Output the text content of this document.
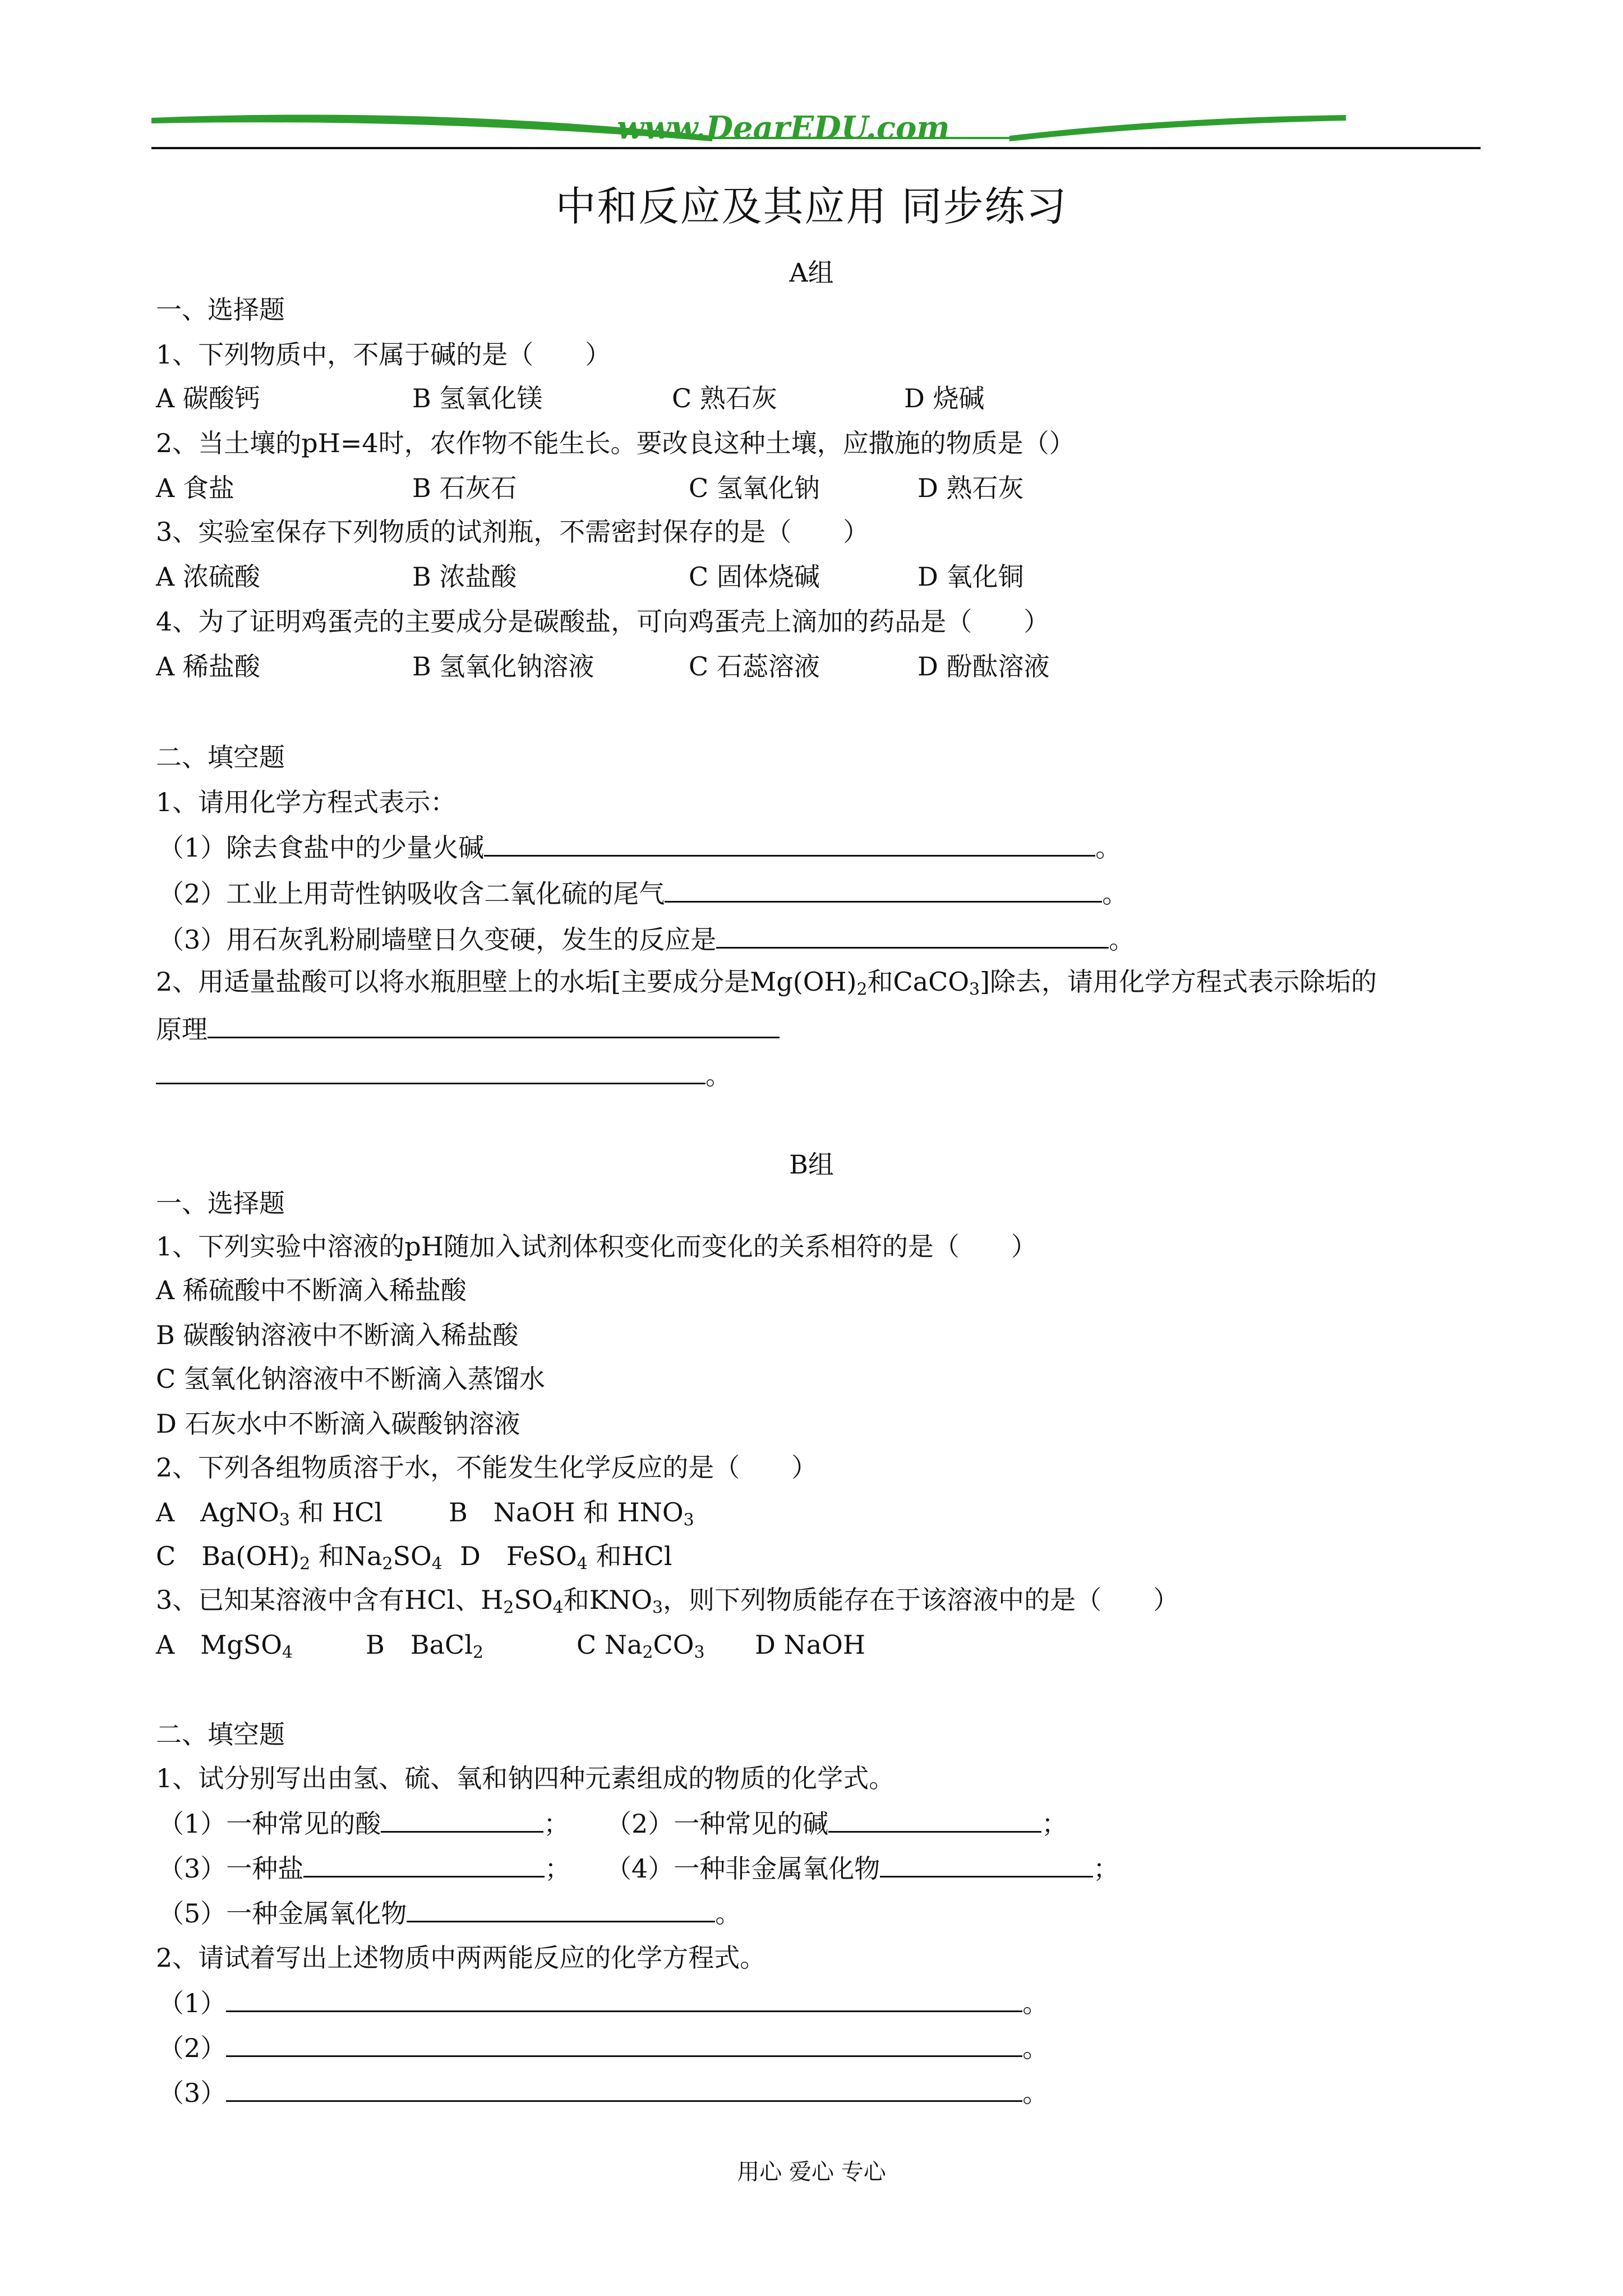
www.DearEDU.com
中和反应及其应用 同步练习
A组
一、选择题
1、下列物质中，不属于碱的是（　　）
A 碳酸钙	B 氢氧化镁	C 熟石灰	D 烧碱
2、当土壤的pH=4时，农作物不能生长。要改良这种土壤，应撒施的物质是（）
A 食盐	B 石灰石	C 氢氧化钠	D 熟石灰
3、实验室保存下列物质的试剂瓶，不需密封保存的是（　　）
A 浓硫酸	B 浓盐酸	C 固体烧碱	D 氧化铜
4、为了证明鸡蛋壳的主要成分是碳酸盐，可向鸡蛋壳上滴加的药品是（　　）
A 稀盐酸	B 氢氧化钠溶液	C 石蕊溶液	D 酚酞溶液
二、填空题
1、请用化学方程式表示：
（1）除去食盐中的少量火碱	。
（2）工业上用苛性钠吸收含二氧化硫的尾气	。
（3）用石灰乳粉刷墙壁日久变硬，发生的反应是	。
2、用适量盐酸可以将水瓶胆壁上的水垢[主要成分是$Mg(OH)_2$和CaCO$_3$]除去，请用化学方程式表示除垢的
原理
。
B组
一、选择题
1、下列实验中溶液的pH随加入试剂体积变化而变化的关系相符的是（　　）
A 稀硫酸中不断滴入稀盐酸
B 碳酸钠溶液中不断滴入稀盐酸
C 氢氧化钠溶液中不断滴入蒸馏水
D 石灰水中不断滴入碳酸钠溶液
2、下列各组物质溶于水，不能发生化学反应的是（　　）
A　AgNO$_3$ 和 HCl	B　NaOH 和 $HNO_3$
C　$Ba(OH)_2$ 和$Na_2SO_4$ D　FeSO$_4$ 和HCl
3、已知某溶液中含有HCl、$H_2SO_4$和$KNO_3$，则下列物质能存在于该溶液中的是（　　）
A　MgSO$_4$	B　BaCl$_2$	C $Na_2CO_3$ D NaOH
二、填空题
1、试分别写出由氢、硫、氧和钠四种元素组成的物质的化学式。
（1）一种常见的酸	； （2）一种常见的碱	；
（3）一种盐	； （4）一种非金属氧化物	；
（5）一种金属氧化物	。
2、请试着写出上述物质中两两能反应的化学方程式。
（1）	。
（2）	。
（3）	。
用心 爱心 专心
